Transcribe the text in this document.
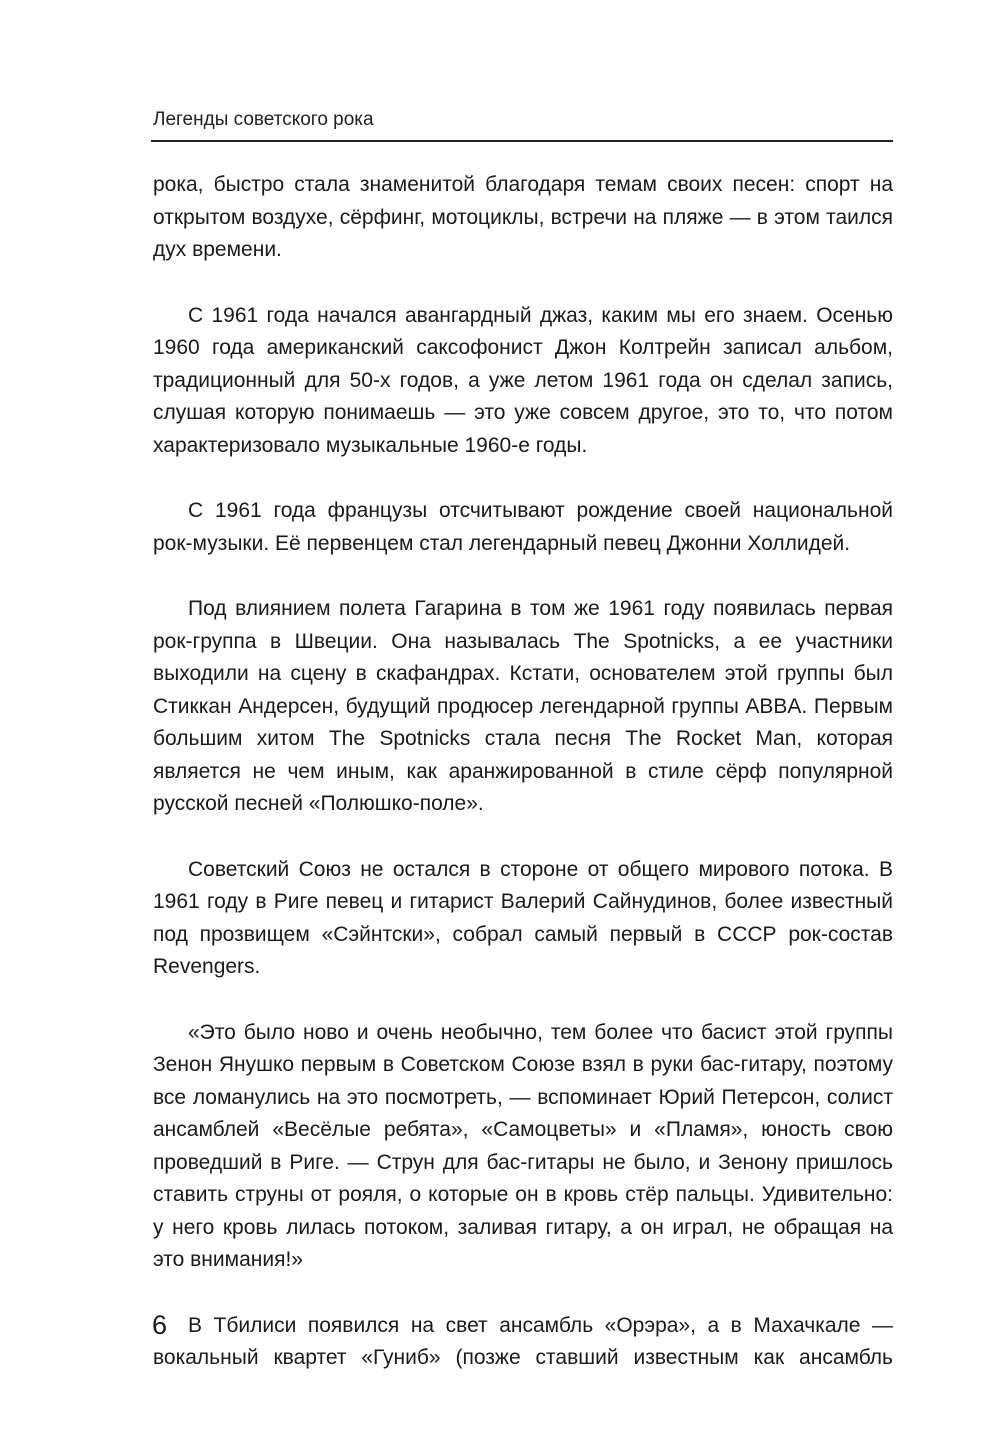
Легенды советского рока

рока, быстро стала знаменитой благодаря темам своих песен: спорт на открытом воздухе, сёрфинг, мотоциклы, встречи на пляже — в этом таился дух времени.

С 1961 года начался авангардный джаз, каким мы его знаем. Осенью 1960 года американский саксофонист Джон Колтрейн записал альбом, традиционный для 50-х годов, а уже летом 1961 года он сделал запись, слушая которую понимаешь — это уже совсем другое, это то, что потом характеризовало музыкальные 1960-е годы.

С 1961 года французы отсчитывают рождение своей национальной рок-музыки. Её первенцем стал легендарный певец Джонни Холлидей.

Под влиянием полета Гагарина в том же 1961 году появилась первая рок-группа в Швеции. Она называлась The Spotnicks, а ее участники выходили на сцену в скафандрах. Кстати, основателем этой группы был Стиккан Андерсен, будущий продюсер легендарной группы ABBA. Первым большим хитом The Spotnicks стала песня The Rocket Man, которая является не чем иным, как аранжированной в стиле сёрф популярной русской песней «Полюшко-поле».

Советский Союз не остался в стороне от общего мирового потока. В 1961 году в Риге певец и гитарист Валерий Сайнудинов, более известный под прозвищем «Сэйнтски», собрал самый первый в СССР рок-состав Revengers.

«Это было ново и очень необычно, тем более что басист этой группы Зенон Янушко первым в Советском Союзе взял в руки бас-гитару, поэтому все ломанулись на это посмотреть, — вспоминает Юрий Петерсон, солист ансамблей «Весёлые ребята», «Самоцветы» и «Пламя», юность свою проведший в Риге. — Струн для бас-гитары не было, и Зенону пришлось ставить струны от рояля, о которые он в кровь стёр пальцы. Удивительно: у него кровь лилась потоком, заливая гитару, а он играл, не обращая на это внимания!»

В Тбилиси появился на свет ансамбль «Орэра», а в Махачкале — вокальный квартет «Гуниб» (позже ставший известным как ансамбль

6
